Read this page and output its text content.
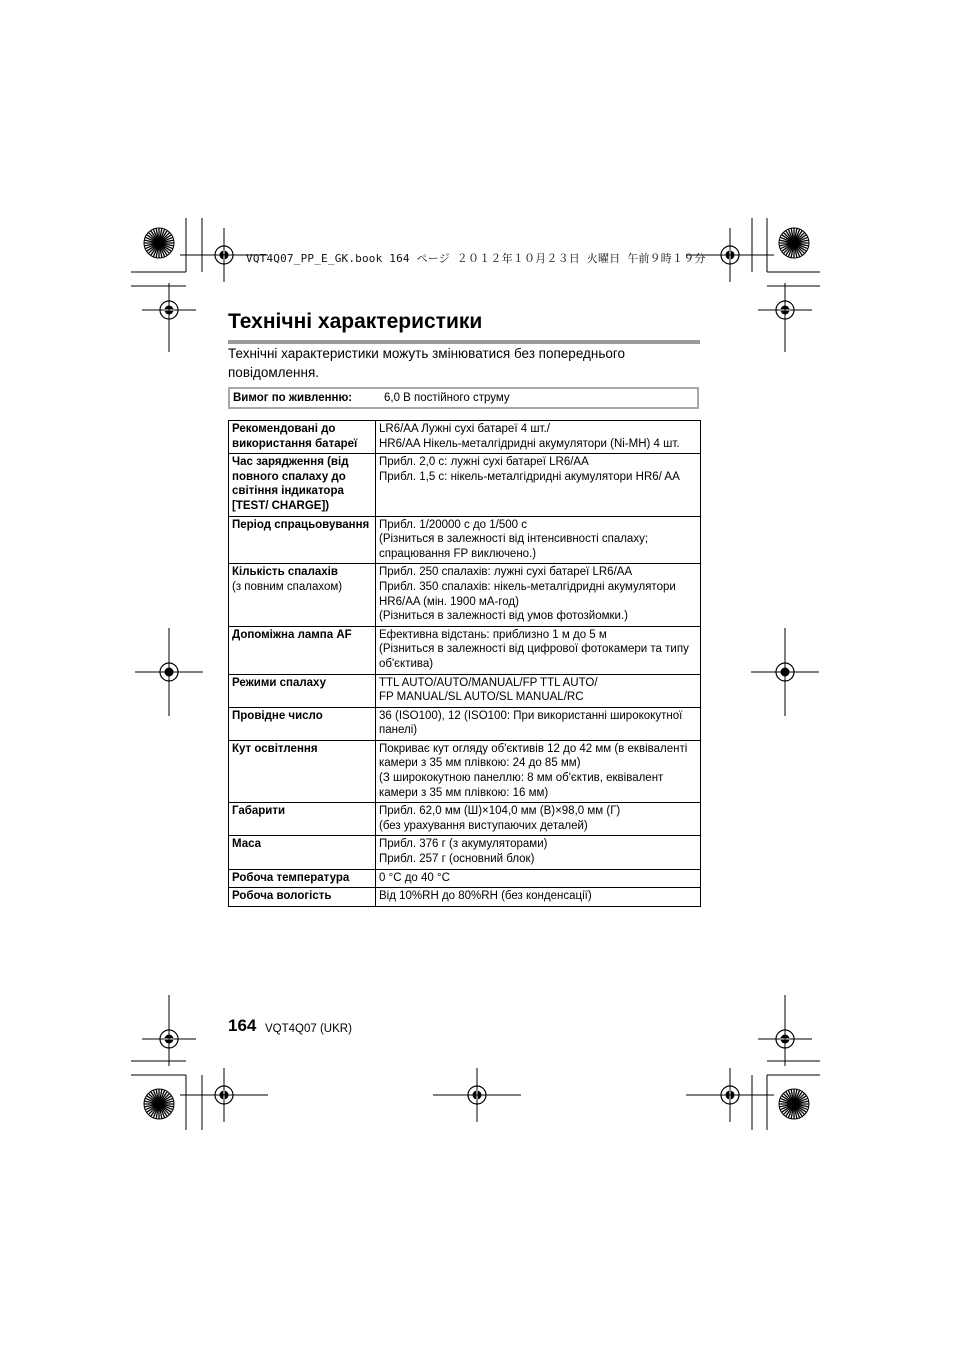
VQT4Q07_PP_E_GK.book 164 ページ ２０１２年１０月２３日 火曜日 午前９時１９分
Технічні характеристики
Технічні характеристики можуть змінюватися без попереднього повідомлення.
Вимог по живленню:	6,0 В постійного струму
Рекомендовані до використання батареї	LR6/AA Лужні сухі батареї 4 шт./
HR6/AA Нікель-металгідридні акумулятори (Ni-MH) 4 шт.

Час зарядження (від повного спалаху до світіння індикатора [TEST/ CHARGE])	Прибл. 2,0 с: лужні сухі батареї LR6/AA
Прибл. 1,5 с: нікель-металгідридні акумулятори HR6/ AA

Період спрацьовування	Прибл. 1/20000 с до 1/500 с
(Різниться в залежності від інтенсивності спалаху; спрацювання FP виключено.)

Кількість спалахів
(з повним спалахом)	Прибл. 250 спалахів: лужні сухі батареї LR6/AA
Прибл. 350 спалахів: нікель-металгідридні акумулятори HR6/AA (мін. 1900 мА-год)
(Різниться в залежності від умов фотозйомки.)

Допоміжна лампа AF	Ефективна відстань: приблизно 1 м до 5 м
(Різниться в залежності від цифрової фотокамери та типу об'єктива)

Режими спалаху	TTL AUTO/AUTO/MANUAL/FP TTL AUTO/
FP MANUAL/SL AUTO/SL MANUAL/RC

Провідне число	36 (ISO100), 12 (ISO100: При використанні ширококутної панелі)

Кут освітлення	Покриває кут огляду об'єктивів 12 до 42 мм (в еквіваленті камери з 35 мм плівкою: 24 до 85 мм)
(З ширококутною панеллю: 8 мм об'єктив, еквівалент камери з 35 мм плівкою: 16 мм)

Габарити	Прибл. 62,0 мм (Ш)×104,0 мм (В)×98,0 мм (Г)
(без урахування виступаючих деталей)

Маса	Прибл. 376 г (з акумуляторами)
Прибл. 257 г (основний блок)

Робоча температура	0 °C до 40 °C

Робоча вологість	Від 10%RH до 80%RH (без конденсації)
164 VQT4Q07 (UKR)
